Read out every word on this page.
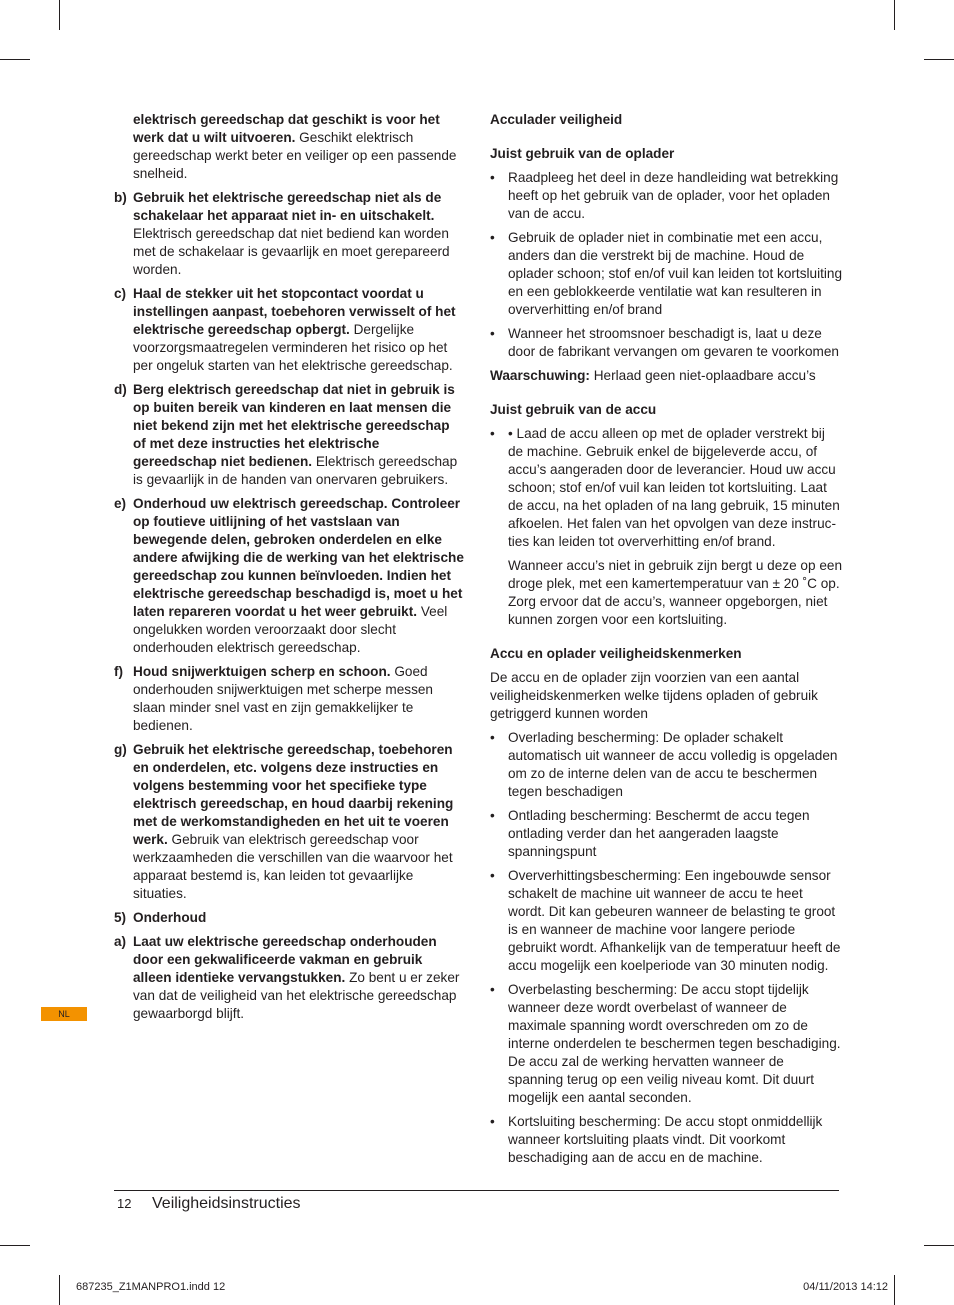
elektrisch gereedschap dat geschikt is voor het werk dat u wilt uitvoeren. Geschikt elektrisch gereedschap werkt beter en veiliger op een passende snelheid.
b) Gebruik het elektrische gereedschap niet als de schakelaar het apparaat niet in- en uitschakelt. Elektrisch gereedschap dat niet bediend kan worden met de schakelaar is gevaarlijk en moet gerepareerd worden.
c) Haal de stekker uit het stopcontact voordat u instellingen aanpast, toebehoren verwisselt of het elektrische gereedschap opbergt. Dergelijke voorzorgsmaatregelen verminderen het risico op het per ongeluk starten van het elektrische gereedschap.
d) Berg elektrisch gereedschap dat niet in gebruik is op buiten bereik van kinderen en laat mensen die niet bekend zijn met het elektrische gereedschap of met deze instructies het elektrische gereedschap niet bedienen. Elektrisch gereedschap is gevaarlijk in de handen van onervaren gebruikers.
e) Onderhoud uw elektrisch gereedschap. Controleer op foutieve uitlijning of het vastslaan van bewegende delen, gebroken onderdelen en elke andere afwijking die de werking van het elektrische gereedschap zou kunnen beïnvloeden. Indien het elektrische gereedschap beschadigd is, moet u het laten repareren voordat u het weer gebruikt. Veel ongelukken worden veroorzaakt door slecht onderhouden elektrisch gereedschap.
f) Houd snijwerktuigen scherp en schoon. Goed onderhouden snijwerktuigen met scherpe messen slaan minder snel vast en zijn gemakkelijker te bedienen.
g) Gebruik het elektrische gereedschap, toebehoren en onderdelen, etc. volgens deze instructies en volgens bestemming voor het specifieke type elektrisch gereedschap, en houd daarbij rekening met de werkomstandigheden en het uit te voeren werk. Gebruik van elektrisch gereedschap voor werkzaamheden die verschillen van die waarvoor het apparaat bestemd is, kan leiden tot gevaarlijke situaties.
5) Onderhoud
a) Laat uw elektrische gereedschap onderhouden door een gekwalificeerde vakman en gebruik alleen identieke vervangstukken. Zo bent u er zeker van dat de veiligheid van het elektrische gereedschap gewaarborgd blijft.
Acculader veiligheid
Juist gebruik van de oplader
• Raadpleeg het deel in deze handleiding wat betrekking heeft op het gebruik van de oplader, voor het opladen van de accu.
• Gebruik de oplader niet in combinatie met een accu, anders dan die verstrekt bij de machine. Houd de oplader schoon; stof en/of vuil kan leiden tot kortsluiting en een geblokkeerde ventilatie wat kan resulteren in oververhitting en/of brand
• Wanneer het stroomsnoer beschadigt is, laat u deze door de fabrikant vervangen om gevaren te voorkomen
Waarschuwing: Herlaad geen niet-oplaadbare accu’s
Juist gebruik van de accu
• • Laad de accu alleen op met de oplader verstrekt bij de machine. Gebruik enkel de bijgeleverde accu, of accu’s aangeraden door de leverancier. Houd uw accu schoon; stof en/of vuil kan leiden tot kortsluiting. Laat de accu, na het opladen of na lang gebruik, 15 minuten afkoelen. Het falen van het opvolgen van deze instruc-ties kan leiden tot oververhitting en/of brand.
Wanneer accu’s niet in gebruik zijn bergt u deze op een droge plek, met een kamertemperatuur van ± 20 ˚C op. Zorg ervoor dat de accu’s, wanneer opgeborgen, niet kunnen zorgen voor een kortsluiting.
Accu en oplader veiligheidskenmerken
De accu en de oplader zijn voorzien van een aantal veiligheidskenmerken welke tijdens opladen of gebruik getriggerd kunnen worden
• Overlading bescherming: De oplader schakelt automatisch uit wanneer de accu volledig is opgeladen om zo de interne delen van de accu te beschermen tegen beschadigen
• Ontlading bescherming: Beschermt de accu tegen ontlading verder dan het aangeraden laagste spanningspunt
• Oververhittingsbescherming: Een ingebouwde sensor schakelt de machine uit wanneer de accu te heet wordt. Dit kan gebeuren wanneer de belasting te groot is en wanneer de machine voor langere periode gebruikt wordt. Afhankelijk van de temperatuur heeft de accu mogelijk een koelperiode van 30 minuten nodig.
• Overbelasting bescherming: De accu stopt tijdelijk wanneer deze wordt overbelast of wanneer de maximale spanning wordt overschreden om zo de interne onderdelen te beschermen tegen beschadiging. De accu zal de werking hervatten wanneer de spanning terug op een veilig niveau komt. Dit duurt mogelijk een aantal seconden.
• Kortsluiting bescherming: De accu stopt onmiddellijk wanneer kortsluiting plaats vindt. Dit voorkomt beschadiging aan de accu en de machine.
NL
12 Veiligheidsinstructies
687235_Z1MANPRO1.indd 12	04/11/2013 14:12
